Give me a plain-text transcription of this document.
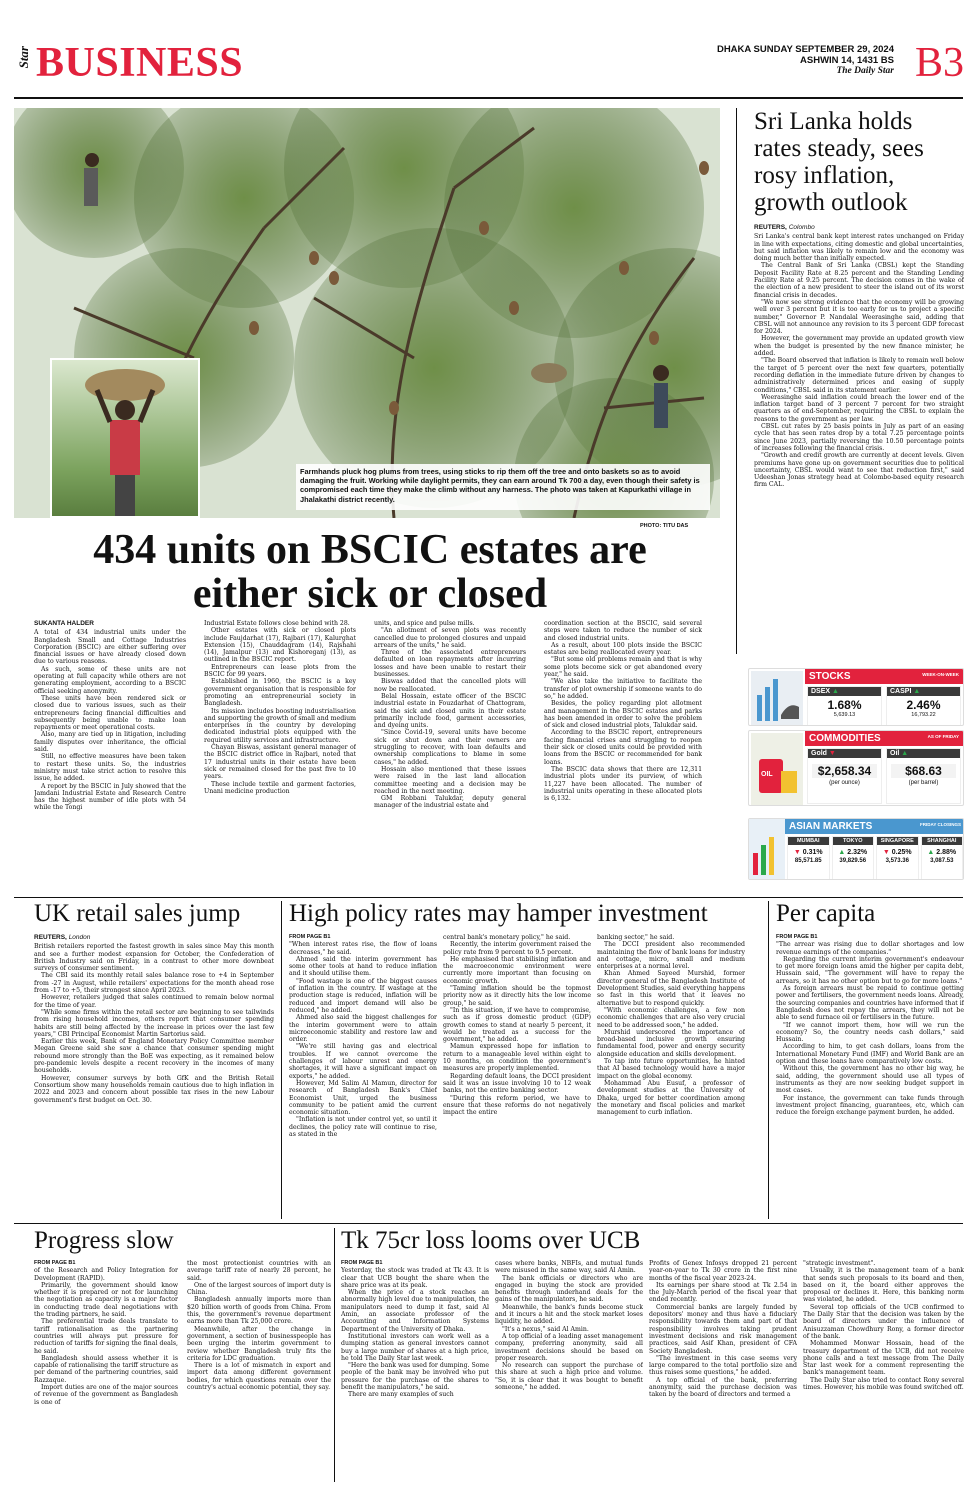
Star BUSINESS	DHAKA SUNDAY SEPTEMBER 29, 2024
ASHWIN 14, 1431 BS
The Daily Star B3
Farmhands pluck hog plums from trees, using sticks to rip them off the tree and onto baskets so as to avoid damaging the fruit. Working while daylight permits, they can earn around Tk 700 a day, even though their safety is compromised each time they make the climb without any harness. The photo was taken at Kapurkathi village in Jhalakathi district recently.
PHOTO: TITU DAS
434 units on BSCIC estates are either sick or closed
SUKANTA HALDER

A total of 434 industrial units under the Bangladesh Small and Cottage Industries Corporation (BSCIC) are either suffering over financial issues or have already closed down due to various reasons.

As such, some of these units are not operating at full capacity while others are not generating employment, according to a BSCIC official seeking anonymity.

These units have been rendered sick or closed due to various issues, such as their entrepreneurs facing financial difficulties and subsequently being unable to make loan repayments or meet operational costs.

Also, many are tied up in litigation, including family disputes over inheritance, the official said.

Still, no effective measures have been taken to restart these units. So, the industries ministry must take strict action to resolve this issue, he added.

A report by the BSCIC in July showed that the Jamdani Industrial Estate and Research Centre has the highest number of idle plots with 54 while the Tongi

Industrial Estate follows close behind with 28.

Other estates with sick or closed plots include Faujdarhat (17), Rajbari (17), Kalurghat Extension (15), Chauddagram (14), Rajshahi (14), Jamalpur (13) and Kishoreganj (13), as outlined in the BSCIC report.

Entrepreneurs can lease plots from the BSCIC for 99 years.

Established in 1960, the BSCIC is a key government organisation that is responsible for promoting an entrepreneurial society in Bangladesh.

Its mission includes boosting industrialisation and supporting the growth of small and medium enterprises in the country by developing dedicated industrial plots equipped with the required utility services and infrastructure.

Chayan Biswas, assistant general manager of the BSCIC district office in Rajbari, noted that 17 industrial units in their estate have been sick or remained closed for the past five to 10 years.

These include textile and garment factories, Unani medicine production

units, and spice and pulse mills.

"An allotment of seven plots was recently cancelled due to prolonged closures and unpaid arrears of the units," he said.

Three of the associated entrepreneurs defaulted on loan repayments after incurring losses and have been unable to restart their businesses.

Biswas added that the cancelled plots will now be reallocated.

Belal Hossain, estate officer of the BSCIC industrial estate in Fouzdarhat of Chattogram, said the sick and closed units in their estate primarily include food, garment accessories, and dyeing units.

"Since Covid-19, several units have become sick or shut down and their owners are struggling to recover, with loan defaults and ownership complications to blame in some cases," he added.

Hossain also mentioned that these issues were raised in the last land allocation committee meeting and a decision may be reached in the next meeting.

GM Robbani Talukdar, deputy general manager of the industrial estate and

coordination section at the BSCIC, said several steps were taken to reduce the number of sick and closed industrial units.

As a result, about 100 plots inside the BSCIC estates are being reallocated every year.

"But some old problems remain and that is why some plots become sick or get abandoned every year," he said.

"We also take the initiative to facilitate the transfer of plot ownership if someone wants to do so," he added.

Besides, the policy regarding plot allotment and management in the BSCIC estates and parks has been amended in order to solve the problem of sick and closed industrial plots, Talukdar said.

According to the BSCIC report, entrepreneurs facing financial crises and struggling to reopen their sick or closed units could be provided with loans from the BSCIC or recommended for bank loans.

The BSCIC data shows that there are 12,311 industrial plots under its purview, of which 11,227 have been allocated. The number of industrial units operating in these allocated plots is 6,132.

Sri Lanka holds rates steady, sees rosy inflation, growth outlook
REUTERS, Colombo

Sri Lanka's central bank kept interest rates unchanged on Friday in line with expectations, citing domestic and global uncertainties, but said inflation was likely to remain low and the economy was doing much better than initially expected.

The Central Bank of Sri Lanka (CBSL) kept the Standing Deposit Facility Rate at 8.25 percent and the Standing Lending Facility Rate at 9.25 percent. The decision comes in the wake of the election of a new president to steer the island out of its worst financial crisis in decades.

"We now see strong evidence that the economy will be growing well over 3 percent but it is too early for us to project a specific number," Governor P. Nandalal Weerasinghe said, adding that CBSL will not announce any revision to its 3 percent GDP forecast for 2024.

However, the government may provide an updated growth view when the budget is presented by the new finance minister, he added.

"The Board observed that inflation is likely to remain well below the target of 5 percent over the next few quarters, potentially recording deflation in the immediate future driven by changes to administratively determined prices and easing of supply conditions," CBSL said in its statement earlier.

Weerasinghe said inflation could breach the lower end of the inflation target band of 3 percent 7 percent for two straight quarters as of end-September, requiring the CBSL to explain the reasons to the government as per law.

CBSL cut rates by 25 basis points in July as part of an easing cycle that has seen rates drop by a total 7.25 percentage points since June 2023, partially reversing the 10.50 percentage points of increases following the financial crisis.

"Growth and credit growth are currently at decent levels. Given premiums have gone up on government securities due to political uncertainty, CBSL would want to see that reduction first," said Udeeshan Jonas strategy head at Colombo-based equity research firm CAL.

STOCKS	WEEK-ON-WEEK
DSEX ▲
1.68%
5,639.13
CASPI ▲
2.46%
16,793.22
OIL
COMMODITIES	AS OF FRIDAY
Gold ▼
$2,658.34
(per ounce)
Oil ▲
$68.63
(per barrel)
ASIAN MARKETS	FRIDAY CLOSINGS
MUMBAI
▼ 0.31%
85,571.85
TOKYO
▲ 2.32%
39,829.56
SINGAPORE
▼ 0.25%
3,573.36
SHANGHAI
▲ 2.88%
3,087.53
UK retail sales jump
REUTERS, London

British retailers reported the fastest growth in sales since May this month and see a further modest expansion for October, the Confederation of British Industry said on Friday, in a contrast to other more downbeat surveys of consumer sentiment.

The CBI said its monthly retail sales balance rose to +4 in September from -27 in August, while retailers' expectations for the month ahead rose from -17 to +5, their strongest since April 2023.

However, retailers judged that sales continued to remain below normal for the time of year.

"While some firms within the retail sector are beginning to see tailwinds from rising household incomes, others report that consumer spending habits are still being affected by the increase in prices over the last few years," CBI Principal Economist Martin Sartorius said.

Earlier this week, Bank of England Monetary Policy Committee member Megan Greene said she saw a chance that consumer spending might rebound more strongly than the BoE was expecting, as it remained below pre-pandemic levels despite a recent recovery in the incomes of many households.

However, consumer surveys by both GfK and the British Retail Consortium show many households remain cautious due to high inflation in 2022 and 2023 and concern about possible tax rises in the new Labour government's first budget on Oct. 30.

High policy rates may hamper investment
FROM PAGE B1

"When interest rates rise, the flow of loans decreases," he said.

Ahmed said the interim government has some other tools at hand to reduce inflation and it should utilise them.

"Food wastage is one of the biggest causes of inflation in the country. If wastage at the production stage is reduced, inflation will be reduced and import demand will also be reduced," he added.

Ahmed also said the biggest challenges for the interim government were to attain microeconomic stability and restore law and order.

"We're still having gas and electrical troubles. If we cannot overcome the challenges of labour unrest and energy shortages, it will have a significant impact on exports," he added.

However, Md Salim Al Mamun, director for research of Bangladesh Bank's Chief Economist Unit, urged the business community to be patient amid the current economic situation.

"Inflation is not under control yet, so until it declines, the policy rate will continue to rise, as stated in the

central bank's monetary policy," he said.

Recently, the interim government raised the policy rate from 9 percent to 9.5 percent.

He emphasised that stabilising inflation and the macroeconomic environment were currently more important than focusing on economic growth.

"Taming inflation should be the topmost priority now as it directly hits the low income group," he said.

"In this situation, if we have to compromise, such as if gross domestic product (GDP) growth comes to stand at nearly 5 percent, it would be treated as a success for the government," he added.

Mamun expressed hope for inflation to return to a manageable level within eight to 10 months, on condition the government's measures are properly implemented.

Regarding default loans, the DCCI president said it was an issue involving 10 to 12 weak banks, not the entire banking sector.

"During this reform period, we have to ensure that these reforms do not negatively impact the entire

banking sector," he said.

The DCCI president also recommended maintaining the flow of bank loans for industry and cottage, micro, small and medium enterprises at a normal level.

Khan Ahmed Sayeed Murshid, former director general of the Bangladesh Institute of Development Studies, said everything happens so fast in this world that it leaves no alternative but to respond quickly.

"With economic challenges, a few non economic challenges that are also very crucial need to be addressed soon," he added.

Murshid underscored the importance of broad-based inclusive growth ensuring fundamental food, power and energy security alongside education and skills development.

To tap into future opportunities, he hinted that AI based technology would have a major impact on the global economy.

Mohammad Abu Eusuf, a professor of development studies at the University of Dhaka, urged for better coordination among the monetary and fiscal policies and market management to curb inflation.

Per capita
FROM PAGE B1

"The arrear was rising due to dollar shortages and low revenue earnings of the companies."

Regarding the current interim government's endeavour to get more foreign loans amid the higher per capita debt, Hussain said, "The government will have to repay the arrears, so it has no other option but to go for more loans."

As foreign arrears must be repaid to continue getting power and fertilisers, the government needs loans. Already, the sourcing companies and countries have informed that if Bangladesh does not repay the arrears, they will not be able to send furnace oil or fertilisers in the future.

"If we cannot import them, how will we run the economy? So, the country needs cash dollars," said Hussain.

According to him, to get cash dollars, loans from the International Monetary Fund (IMF) and World Bank are an option and these loans have comparatively low costs.

Without this, the government has no other big way, he said, adding, the government should use all types of instruments as they are now seeking budget support in most cases.

For instance, the government can take funds through investment project financing, guarantees, etc, which can reduce the foreign exchange payment burden, he added.

Progress slow
FROM PAGE B1

of the Research and Policy Integration for Development (RAPID).

Primarily, the government should know whether it is prepared or not for launching the negotiation as capacity is a major factor in conducting trade deal negotiations with the trading partners, he said.

The preferential trade deals translate to tariff rationalisation as the partnering countries will always put pressure for reduction of tariffs for signing the final deals, he said.

Bangladesh should assess whether it is capable of rationalising the tariff structure as per demand of the partnering countries, said Razzaque.

Import duties are one of the major sources of revenue of the government as Bangladesh is one of

the most protectionist countries with an average tariff rate of nearly 28 percent, he said.

One of the largest sources of import duty is China.

Bangladesh annually imports more than $20 billion worth of goods from China. From this, the government's revenue department earns more than Tk 25,000 crore.

Meanwhile, after the change in government, a section of businesspeople has been urging the interim government to review whether Bangladesh truly fits the criteria for LDC graduation.

There is a lot of mismatch in export and import data among different government bodies, for which questions remain over the country's actual economic potential, they say.

Tk 75cr loss looms over UCB
FROM PAGE B1

Yesterday, the stock was traded at Tk 43. It is clear that UCB bought the share when the share price was at its peak.

When the price of a stock reaches an abnormally high level due to manipulation, the manipulators need to dump it fast, said Al Amin, an associate professor of the Accounting and Information Systems Department of the University of Dhaka.

Institutional investors can work well as a dumping station as general investors cannot buy a large number of shares at a high price, he told The Daily Star last week.

"Here the bank was used for dumping. Some people of the bank may be involved who put pressure for the purchase of the shares to benefit the manipulators," he said.

There are many examples of such

cases where banks, NBFIs, and mutual funds were misused in the same way, said Al Amin.

The bank officials or directors who are engaged in buying the stock are provided benefits through underhand deals for the gains of the manipulators, he said.

Meanwhile, the bank's funds become stuck and it incurs a hit and the stock market loses liquidity, he added.

"It's a nexus," said Al Amin.

A top official of a leading asset management company, preferring anonymity, said all investment decisions should be based on proper research.

No research can support the purchase of this share at such a high price and volume. "So, it is clear that it was bought to benefit someone," he added.

Profits of Genex Infosys dropped 21 percent year-on-year to Tk 30 crore in the first nine months of the fiscal year 2023-24.

Its earnings per share stood at Tk 2.54 in the July-March period of the fiscal year that ended recently.

Commercial banks are largely funded by depositors' money and thus have a fiduciary responsibility towards them and part of that responsibility involves taking prudent investment decisions and risk management practices, said Asif Khan, president of CFA Society Bangladesh.

"The investment in this case seems very large compared to the total portfolio size and thus raises some questions," he added.

A top official of the bank, preferring anonymity, said the purchase decision was taken by the board of directors and termed a

"strategic investment".

Usually, it is the management team of a bank that sends such proposals to its board and then, based on it, the board either approves the proposal or declines it. Here, this banking norm was violated, he added.

Several top officials of the UCB confirmed to The Daily Star that the decision was taken by the board of directors under the influence of Anisuzzaman Chowdhury Rony, a former director of the bank.

Mohammed Monwar Hossain, head of the treasury department of the UCB, did not receive phone calls and a text message from The Daily Star last week for a comment representing the bank's management team.

The Daily Star also tried to contact Rony several times. However, his mobile was found switched off.
